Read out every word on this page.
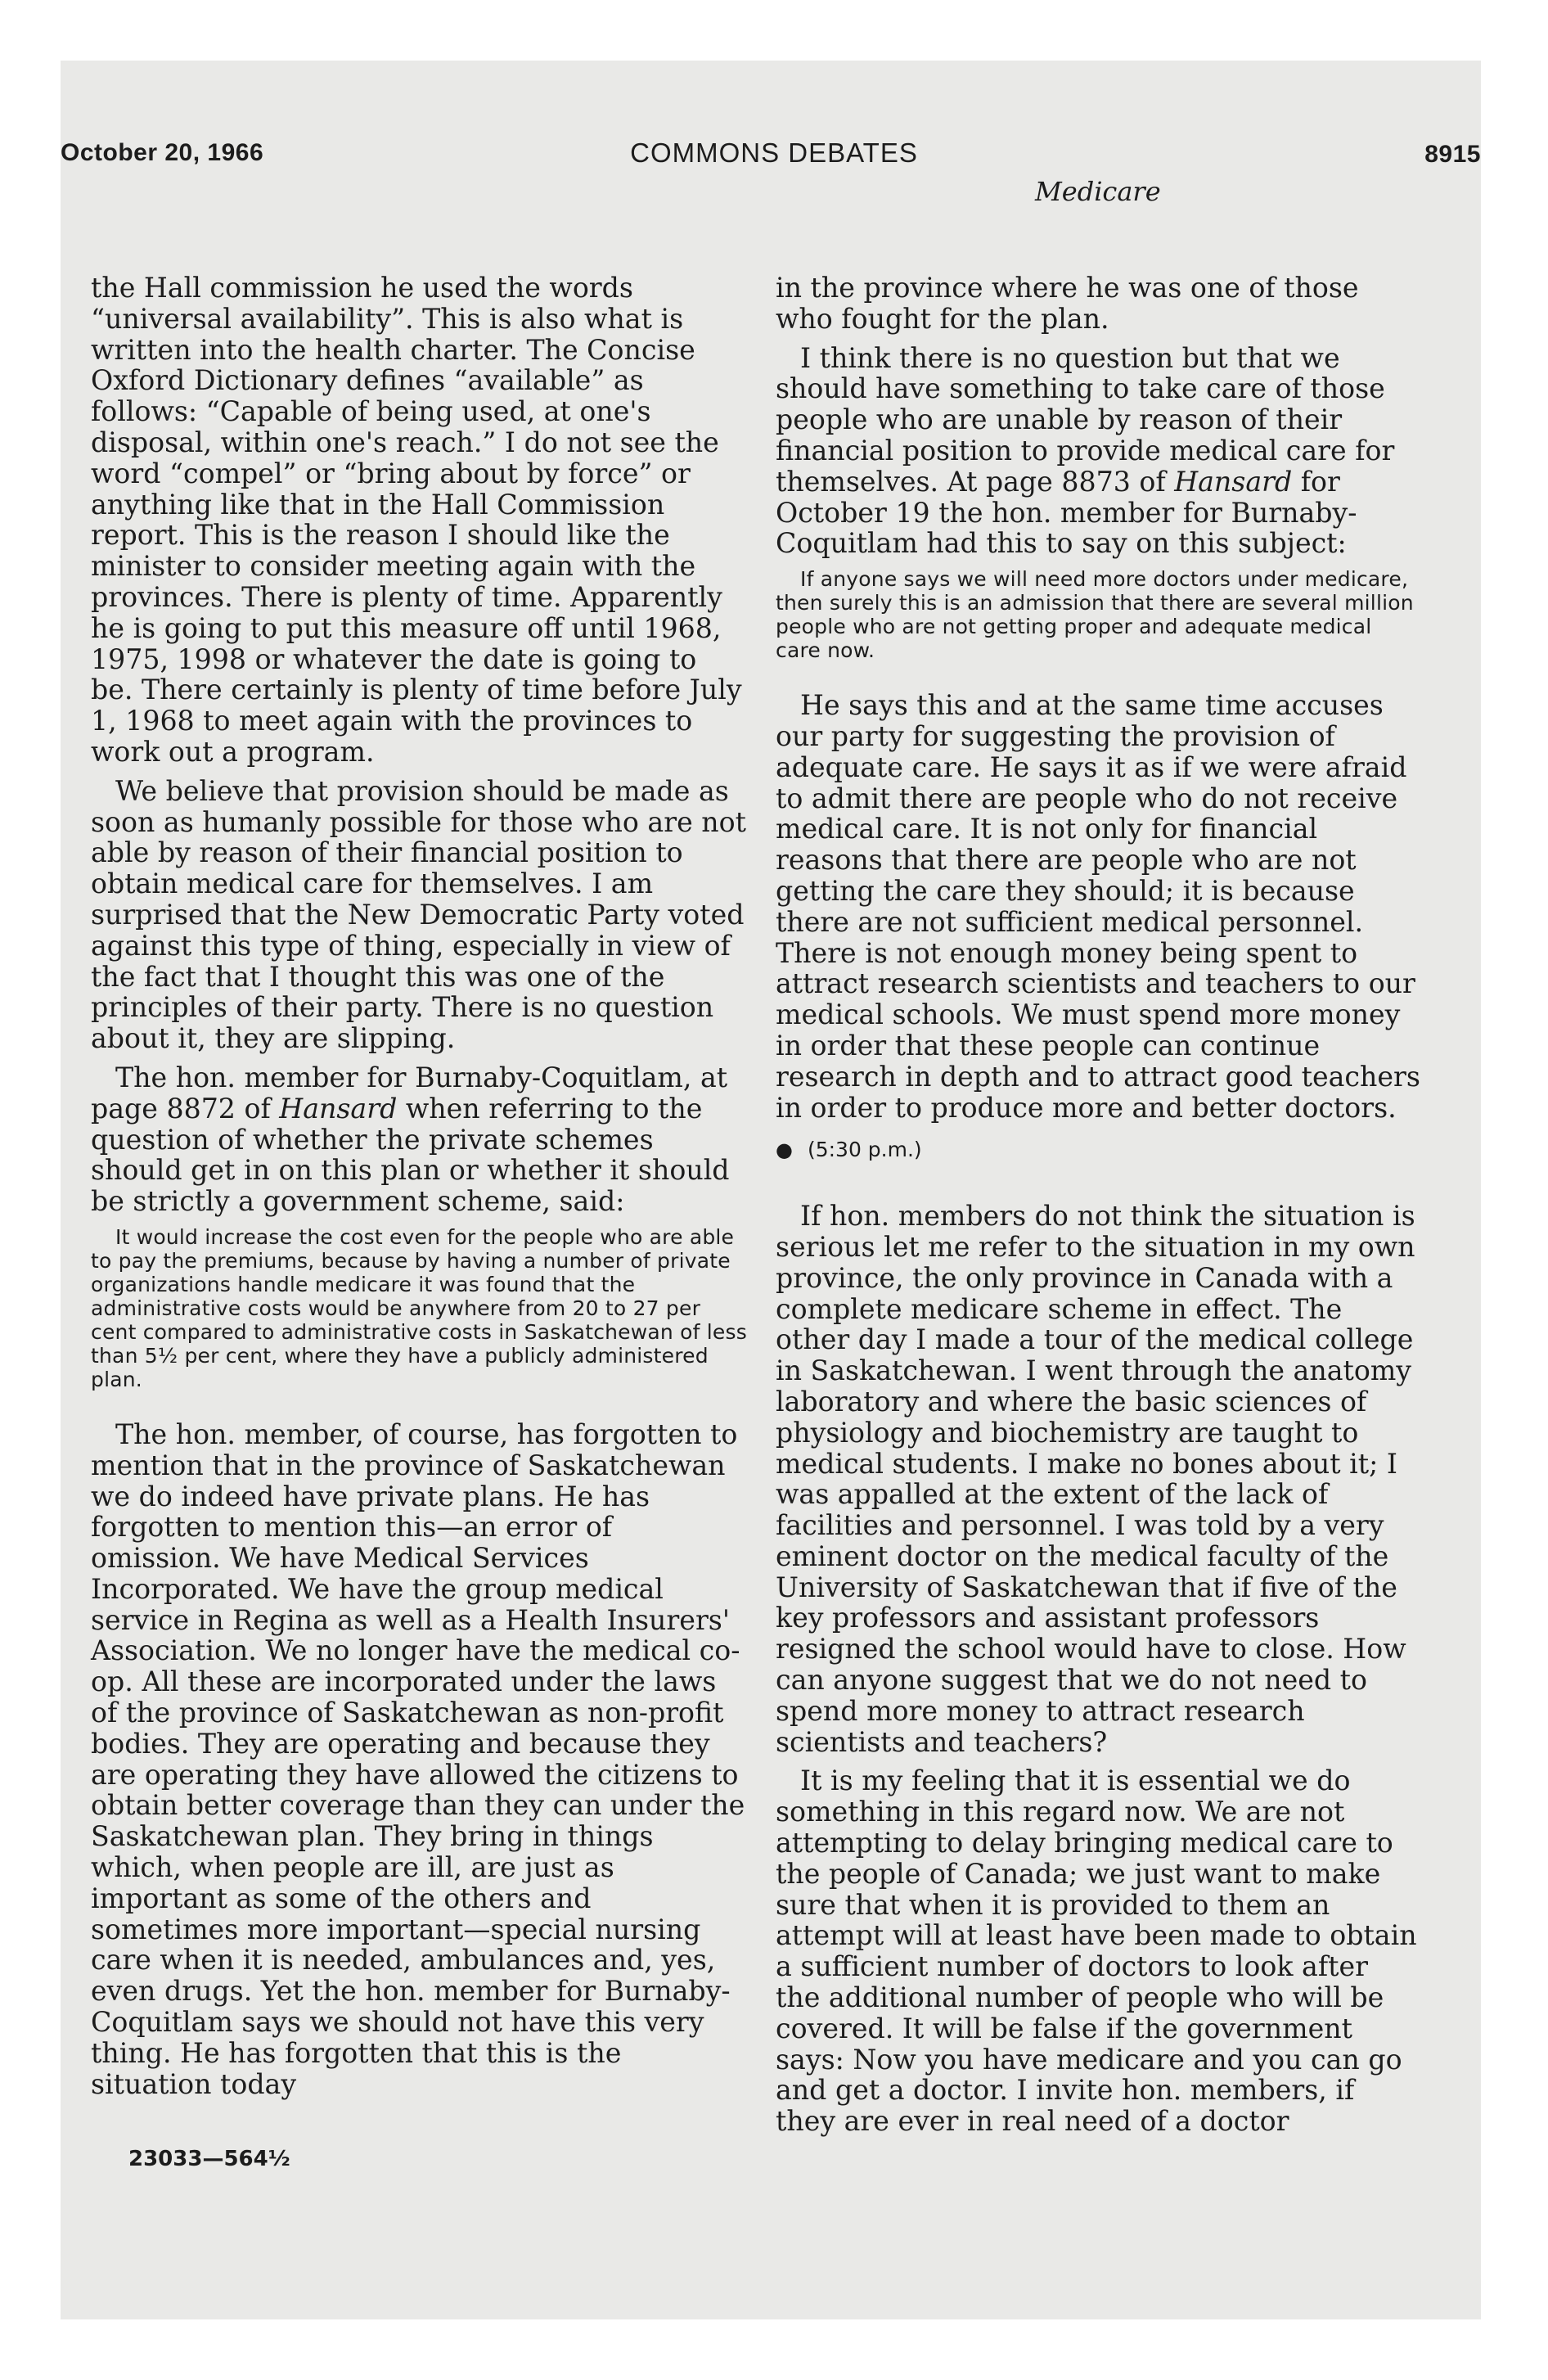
October 20, 1966	COMMONS DEBATES	8915
Medicare

the Hall commission he used the words “universal availability”. This is also what is written into the health charter. The Concise Oxford Dictionary defines “available” as follows: “Capable of being used, at one's disposal, within one's reach.” I do not see the word “compel” or “bring about by force” or anything like that in the Hall Commission report. This is the reason I should like the minister to consider meeting again with the provinces. There is plenty of time. Apparently he is going to put this measure off until 1968, 1975, 1998 or whatever the date is going to be. There certainly is plenty of time before July 1, 1968 to meet again with the provinces to work out a program.

We believe that provision should be made as soon as humanly possible for those who are not able by reason of their financial position to obtain medical care for themselves. I am surprised that the New Democratic Party voted against this type of thing, especially in view of the fact that I thought this was one of the principles of their party. There is no question about it, they are slipping.

The hon. member for Burnaby-Coquitlam, at page 8872 of Hansard when referring to the question of whether the private schemes should get in on this plan or whether it should be strictly a government scheme, said:

It would increase the cost even for the people who are able to pay the premiums, because by having a number of private organizations handle medicare it was found that the administrative costs would be anywhere from 20 to 27 per cent compared to administrative costs in Saskatchewan of less than 5½ per cent, where they have a publicly administered plan.

The hon. member, of course, has forgotten to mention that in the province of Saskatchewan we do indeed have private plans. He has forgotten to mention this—an error of omission. We have Medical Services Incorporated. We have the group medical service in Regina as well as a Health Insurers' Association. We no longer have the medical co-op. All these are incorporated under the laws of the province of Saskatchewan as non-profit bodies. They are operating and because they are operating they have allowed the citizens to obtain better coverage than they can under the Saskatchewan plan. They bring in things which, when people are ill, are just as important as some of the others and sometimes more important—special nursing care when it is needed, ambulances and, yes, even drugs. Yet the hon. member for Burnaby-Coquitlam says we should not have this very thing. He has forgotten that this is the situation today

23033—564½

in the province where he was one of those who fought for the plan.

I think there is no question but that we should have something to take care of those people who are unable by reason of their financial position to provide medical care for themselves. At page 8873 of Hansard for October 19 the hon. member for Burnaby-Coquitlam had this to say on this subject:

If anyone says we will need more doctors under medicare, then surely this is an admission that there are several million people who are not getting proper and adequate medical care now.

He says this and at the same time accuses our party for suggesting the provision of adequate care. He says it as if we were afraid to admit there are people who do not receive medical care. It is not only for financial reasons that there are people who are not getting the care they should; it is because there are not sufficient medical personnel. There is not enough money being spent to attract research scientists and teachers to our medical schools. We must spend more money in order that these people can continue research in depth and to attract good teachers in order to produce more and better doctors.

● (5:30 p.m.)

If hon. members do not think the situation is serious let me refer to the situation in my own province, the only province in Canada with a complete medicare scheme in effect. The other day I made a tour of the medical college in Saskatchewan. I went through the anatomy laboratory and where the basic sciences of physiology and biochemistry are taught to medical students. I make no bones about it; I was appalled at the extent of the lack of facilities and personnel. I was told by a very eminent doctor on the medical faculty of the University of Saskatchewan that if five of the key professors and assistant professors resigned the school would have to close. How can anyone suggest that we do not need to spend more money to attract research scientists and teachers?

It is my feeling that it is essential we do something in this regard now. We are not attempting to delay bringing medical care to the people of Canada; we just want to make sure that when it is provided to them an attempt will at least have been made to obtain a sufficient number of doctors to look after the additional number of people who will be covered. It will be false if the government says: Now you have medicare and you can go and get a doctor. I invite hon. members, if they are ever in real need of a doctor
